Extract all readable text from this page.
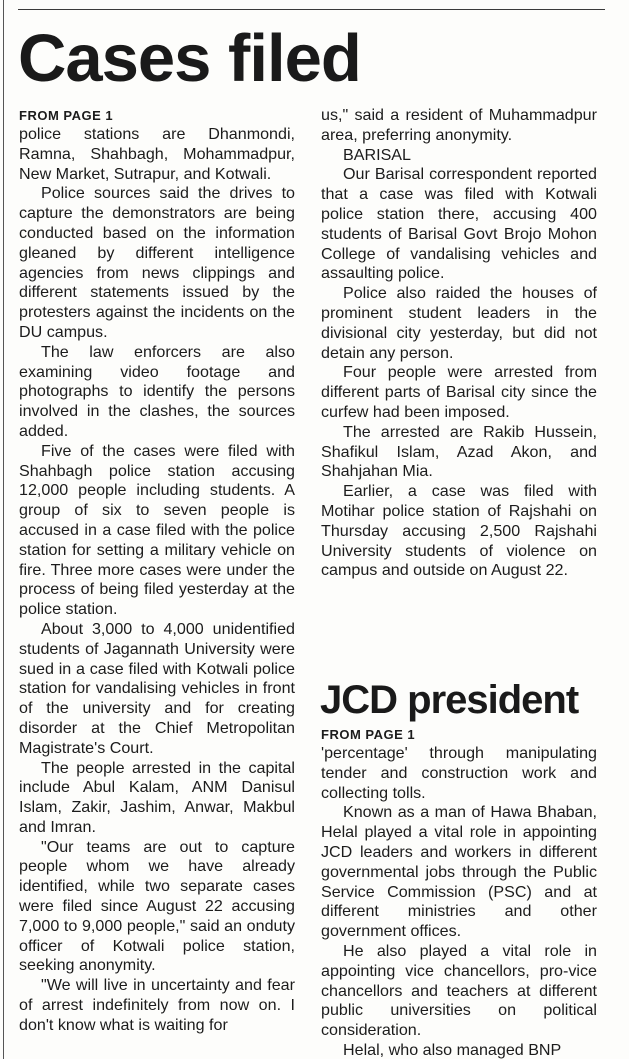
Cases filed
FROM PAGE 1

police stations are Dhanmondi, Ramna, Shahbagh, Mohammadpur, New Market, Sutrapur, and Kotwali.

Police sources said the drives to capture the demonstrators are being conducted based on the information gleaned by different intelligence agencies from news clippings and different statements issued by the protesters against the incidents on the DU campus.

The law enforcers are also examining video footage and photographs to identify the persons involved in the clashes, the sources added.

Five of the cases were filed with Shahbagh police station accusing 12,000 people including students. A group of six to seven people is accused in a case filed with the police station for setting a military vehicle on fire. Three more cases were under the process of being filed yesterday at the police station.

About 3,000 to 4,000 unidentified students of Jagannath University were sued in a case filed with Kotwali police station for vandalising vehicles in front of the university and for creating disorder at the Chief Metropolitan Magistrate's Court.

The people arrested in the capital include Abul Kalam, ANM Danisul Islam, Zakir, Jashim, Anwar, Makbul and Imran.

"Our teams are out to capture people whom we have already identified, while two separate cases were filed since August 22 accusing 7,000 to 9,000 people," said an onduty officer of Kotwali police station, seeking anonymity.

"We will live in uncertainty and fear of arrest indefinitely from now on. I don't know what is waiting for

us," said a resident of Muhammadpur area, preferring anonymity.

BARISAL

Our Barisal correspondent reported that a case was filed with Kotwali police station there, accusing 400 students of Barisal Govt Brojo Mohon College of vandalising vehicles and assaulting police.

Police also raided the houses of prominent student leaders in the divisional city yesterday, but did not detain any person.

Four people were arrested from different parts of Barisal city since the curfew had been imposed.

The arrested are Rakib Hussein, Shafikul Islam, Azad Akon, and Shahjahan Mia.

Earlier, a case was filed with Motihar police station of Rajshahi on Thursday accusing 2,500 Rajshahi University students of violence on campus and outside on August 22.

JCD president
FROM PAGE 1

'percentage' through manipulating tender and construction work and collecting tolls.

Known as a man of Hawa Bhaban, Helal played a vital role in appointing JCD leaders and workers in different governmental jobs through the Public Service Commission (PSC) and at different ministries and other government offices.

He also played a vital role in appointing vice chancellors, pro-vice chancellors and teachers at different public universities on political consideration.

Helal, who also managed BNP
